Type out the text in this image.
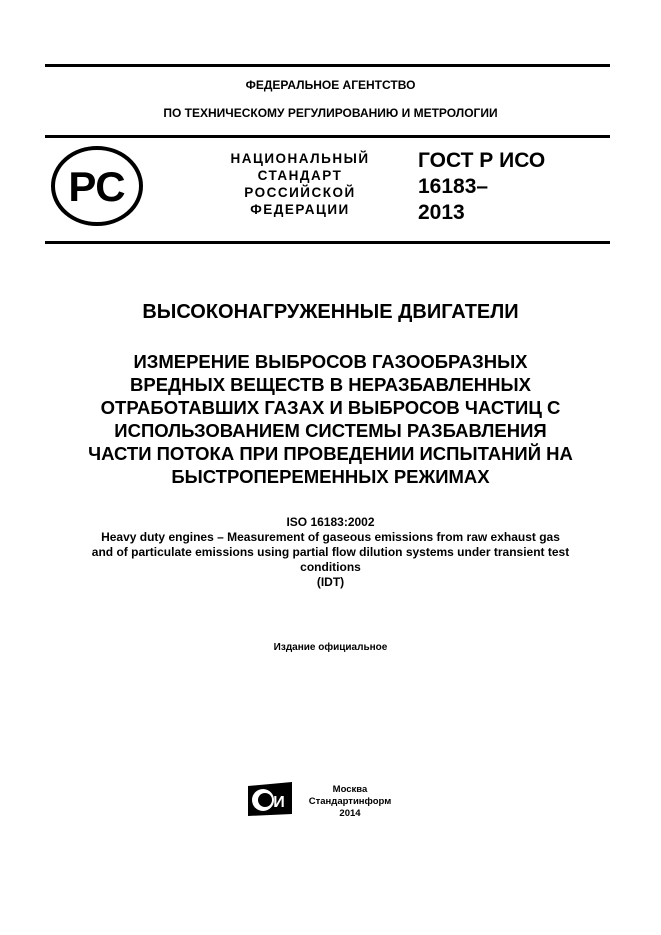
ФЕДЕРАЛЬНОЕ АГЕНТСТВО
ПО ТЕХНИЧЕСКОМУ РЕГУЛИРОВАНИЮ И МЕТРОЛОГИИ
РС
НАЦИОНАЛЬНЫЙ
СТАНДАРТ
РОССИЙСКОЙ
ФЕДЕРАЦИИ
ГОСТ Р ИСО
16183–
2013
ВЫСОКОНАГРУЖЕННЫЕ ДВИГАТЕЛИ
ИЗМЕРЕНИЕ ВЫБРОСОВ ГАЗООБРАЗНЫХ
ВРЕДНЫХ ВЕЩЕСТВ В НЕРАЗБАВЛЕННЫХ
ОТРАБОТАВШИХ ГАЗАХ И ВЫБРОСОВ ЧАСТИЦ С
ИСПОЛЬЗОВАНИЕМ СИСТЕМЫ РАЗБАВЛЕНИЯ
ЧАСТИ ПОТОКА ПРИ ПРОВЕДЕНИИ ИСПЫТАНИЙ НА
БЫСТРОПЕРЕМЕННЫХ РЕЖИМАХ
ISO 16183:2002
Heavy duty engines – Measurement of gaseous emissions from raw exhaust gas
and of particulate emissions using partial flow dilution systems under transient test
conditions
(IDT)
Издание официальное
И
Москва
Стандартинформ
2014
